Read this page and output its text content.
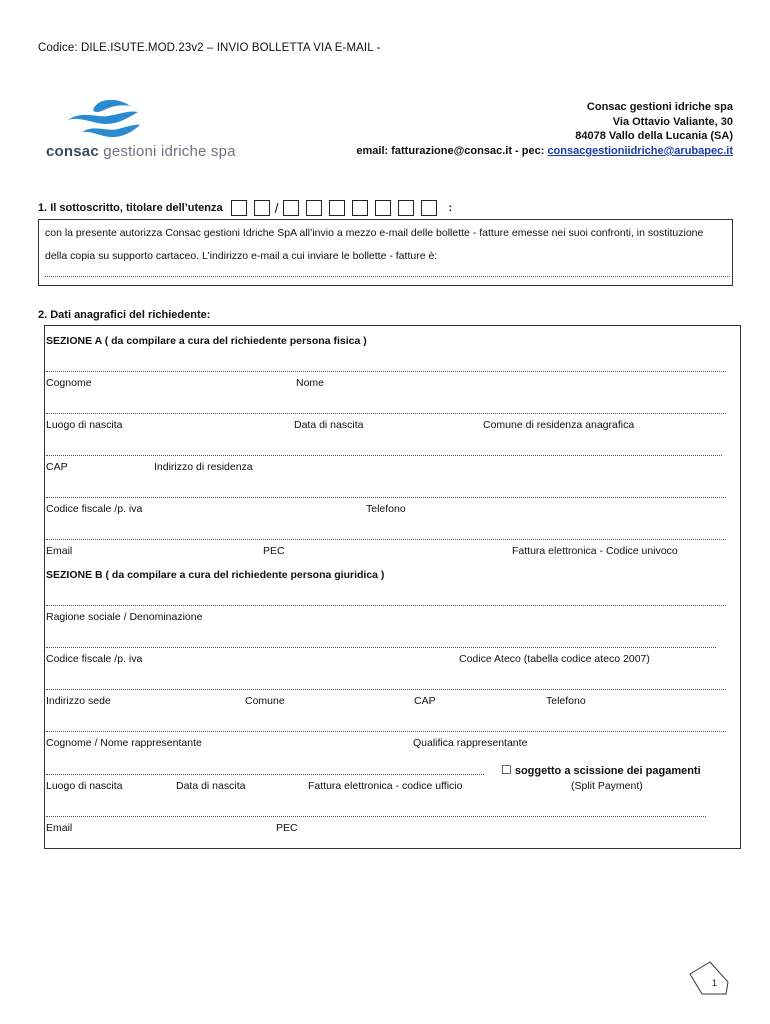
Codice: DILE.ISUTE.MOD.23v2 – INVIO BOLLETTA VIA E-MAIL -
consac gestioni idriche spa
Consac gestioni idriche spa
Via Ottavio Valiante, 30
84078 Vallo della Lucania (SA)
email: fatturazione@consac.it - pec: consacgestioniidriche@arubapec.it
1. Il sottoscritto, titolare dell’utenza	/	:
con la presente autorizza Consac gestioni Idriche SpA all’invio a mezzo e-mail delle bollette - fatture emesse nei suoi confronti, in sostituzione
della copia su supporto cartaceo. L’indirizzo e-mail a cui inviare le bollette - fatture è:
2. Dati anagrafici del richiedente:
SEZIONE A ( da compilare a cura del richiedente persona fisica )
Cognome	Nome
Luogo di nascita	Data di nascita	Comune di residenza anagrafica
CAP	Indirizzo di residenza
Codice fiscale /p. iva	Telefono
Email	PEC	Fattura elettronica - Codice univoco
SEZIONE B ( da compilare a cura del richiedente persona giuridica )
Ragione sociale / Denominazione
Codice fiscale /p. iva	Codice Ateco (tabella codice ateco 2007)
Indirizzo sede	Comune	CAP	Telefono
Cognome / Nome rappresentante	Qualifica rappresentante
☐ soggetto a scissione dei pagamenti
Luogo di nascita	Data di nascita	Fattura elettronica - codice ufficio	(Split Payment)
Email	PEC
1
